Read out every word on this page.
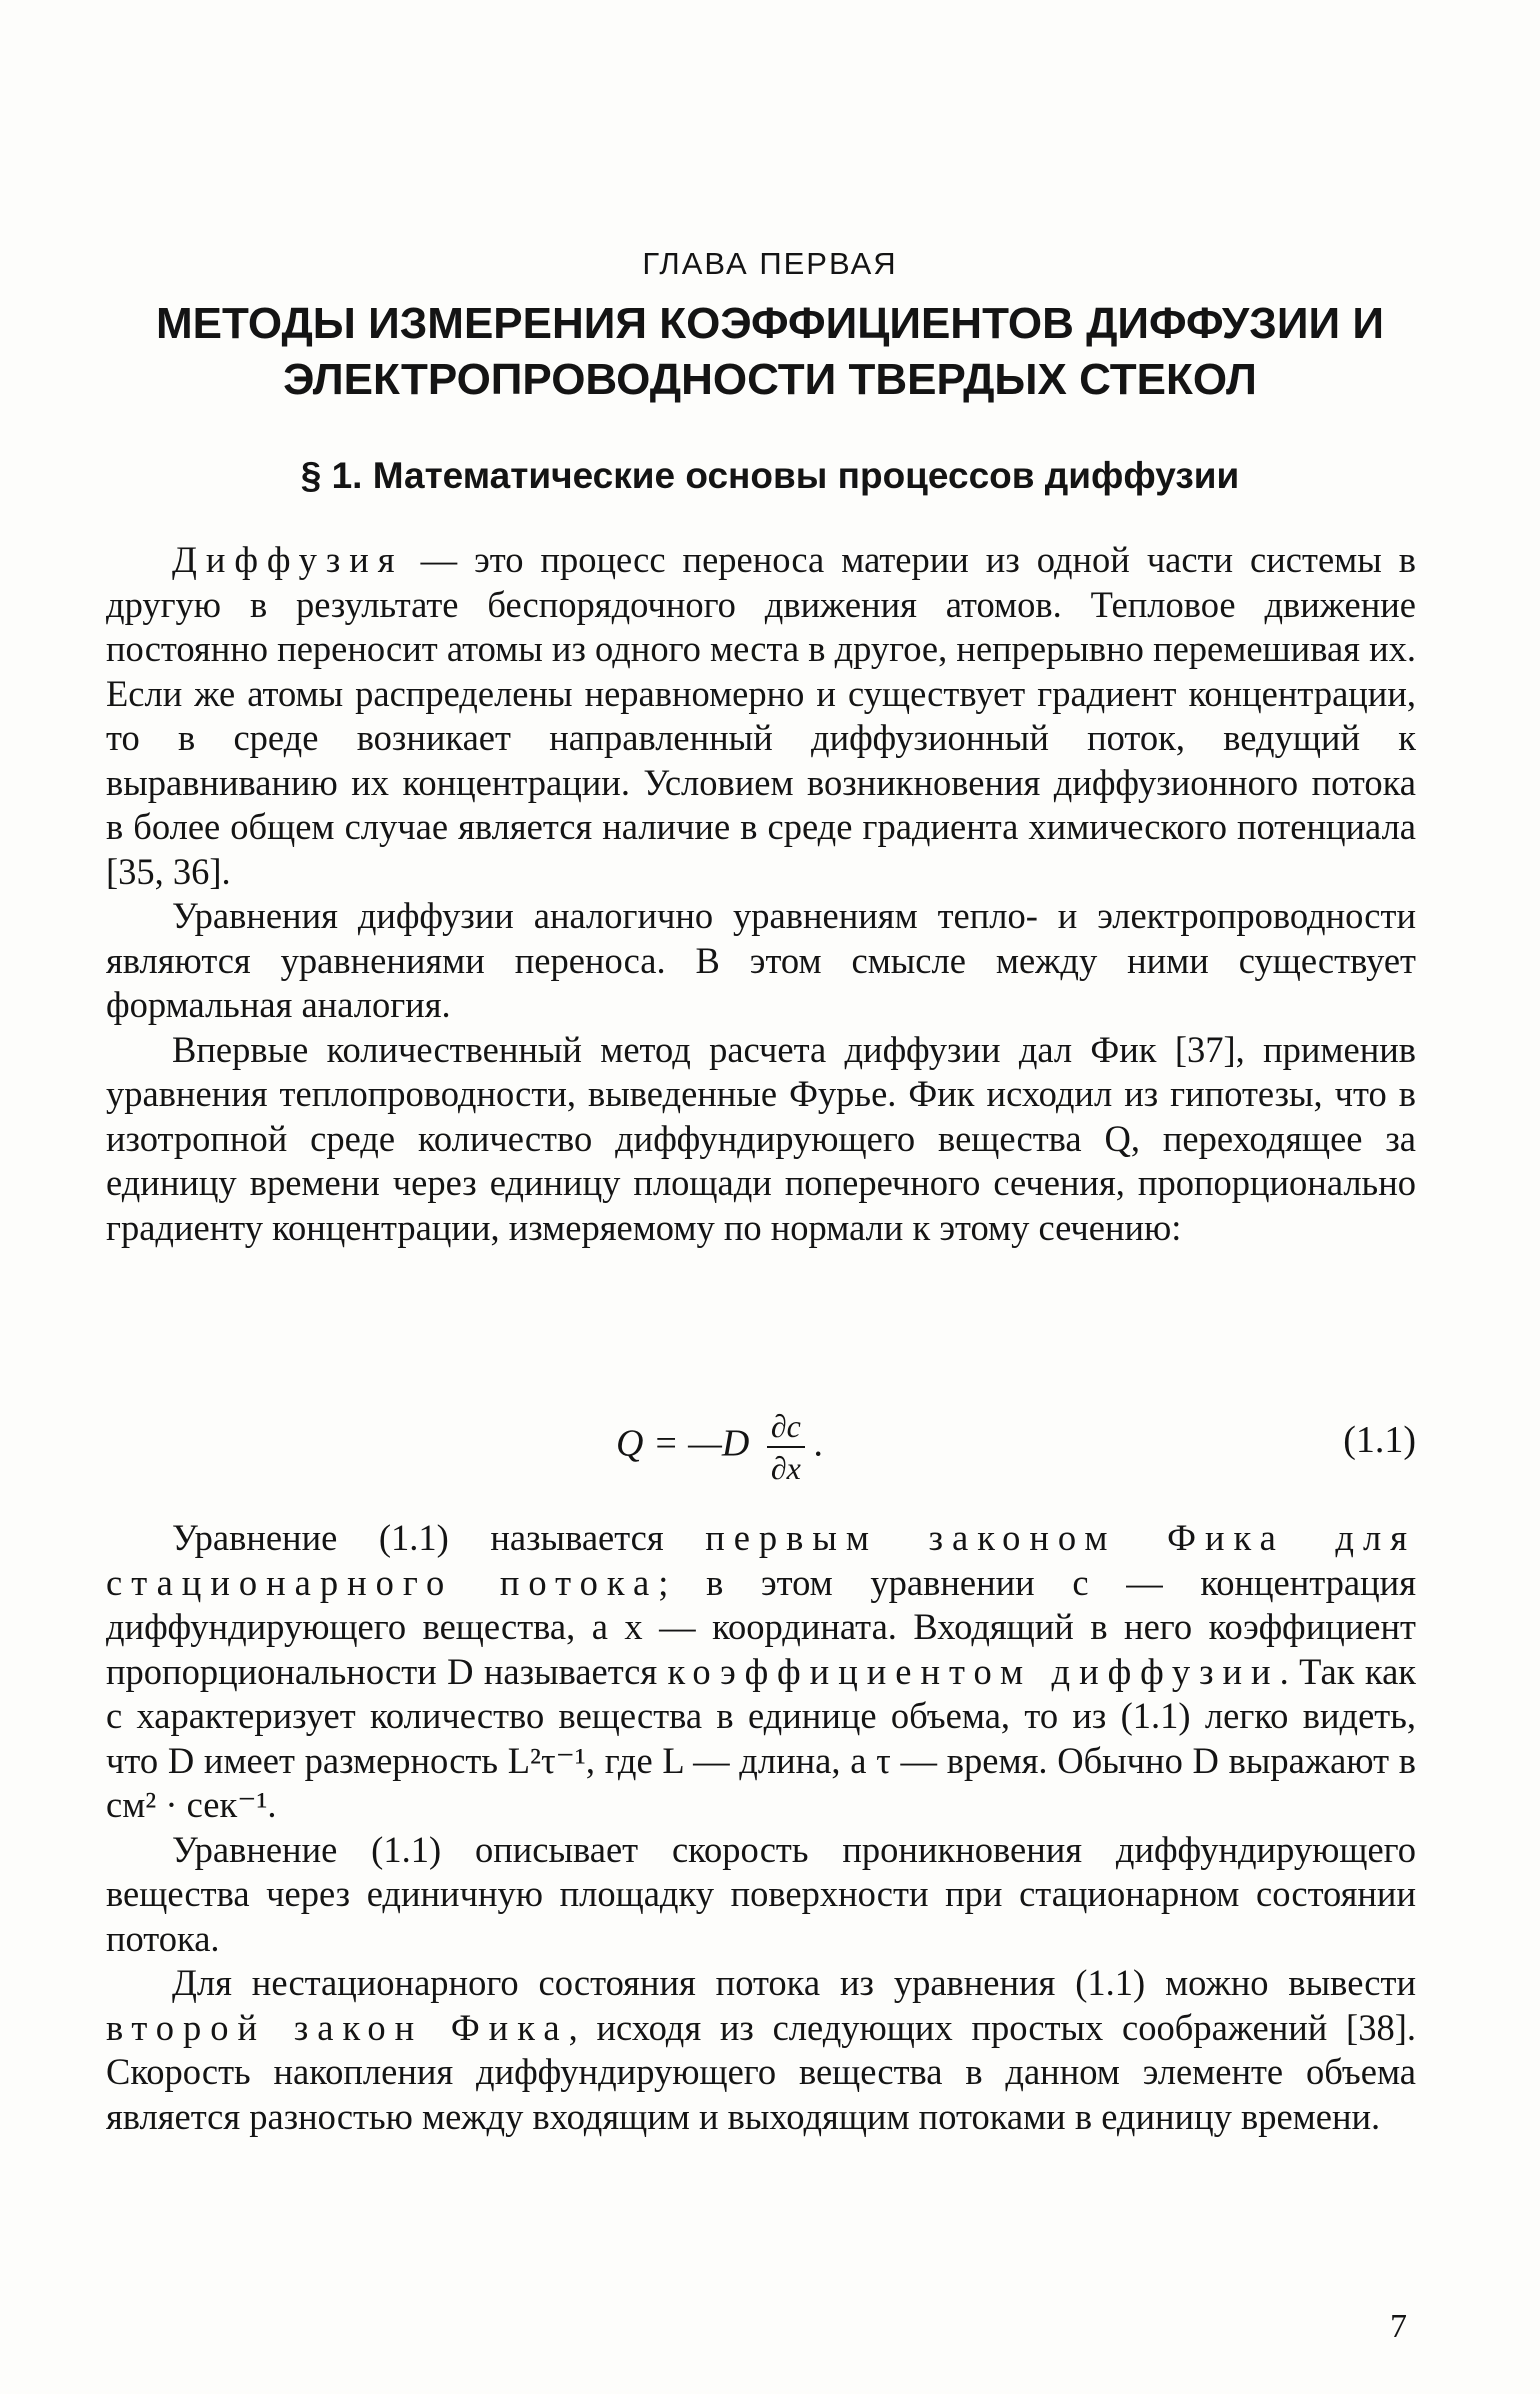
ГЛАВА ПЕРВАЯ
МЕТОДЫ ИЗМЕРЕНИЯ КОЭФФИЦИЕНТОВ ДИФФУЗИИ И ЭЛЕКТРОПРОВОДНОСТИ ТВЕРДЫХ СТЕКОЛ
§ 1. Математические основы процессов диффузии

Диффузия — это процесс переноса материи из одной части системы в другую в результате беспорядочного движения атомов. Тепловое движение постоянно переносит атомы из одного места в другое, непрерывно перемешивая их. Если же атомы распределены неравномерно и существует градиент концентрации, то в среде возникает направленный диффузионный поток, ведущий к выравниванию их концентрации. Условием возникновения диффузионного потока в более общем случае является наличие в среде градиента химического потенциала [35, 36].

Уравнения диффузии аналогично уравнениям тепло- и электропроводности являются уравнениями переноса. В этом смысле между ними существует формальная аналогия.

Впервые количественный метод расчета диффузии дал Фик [37], применив уравнения теплопроводности, выведенные Фурье. Фик исходил из гипотезы, что в изотропной среде количество диффундирующего вещества Q, переходящее за единицу времени через единицу площади поперечного сечения, пропорционально градиенту концентрации, измеряемому по нормали к этому сечению:

Q = —D $\frac{\partial c}{\partial x}$ .	(1.1)

Уравнение (1.1) называется первым законом Фика для стационарного потока; в этом уравнении c — концентрация диффундирующего вещества, а x — координата. Входящий в него коэффициент пропорциональности D называется коэффициентом диффузии. Так как c характеризует количество вещества в единице объема, то из (1.1) легко видеть, что D имеет размерность L²τ⁻¹, где L — длина, а τ — время. Обычно D выражают в см² · сек⁻¹.

Уравнение (1.1) описывает скорость проникновения диффундирующего вещества через единичную площадку поверхности при стационарном состоянии потока.

Для нестационарного состояния потока из уравнения (1.1) можно вывести второй закон Фика, исходя из следующих простых соображений [38]. Скорость накопления диффундирующего вещества в данном элементе объема является разностью между входящим и выходящим потоками в единицу времени.

7
